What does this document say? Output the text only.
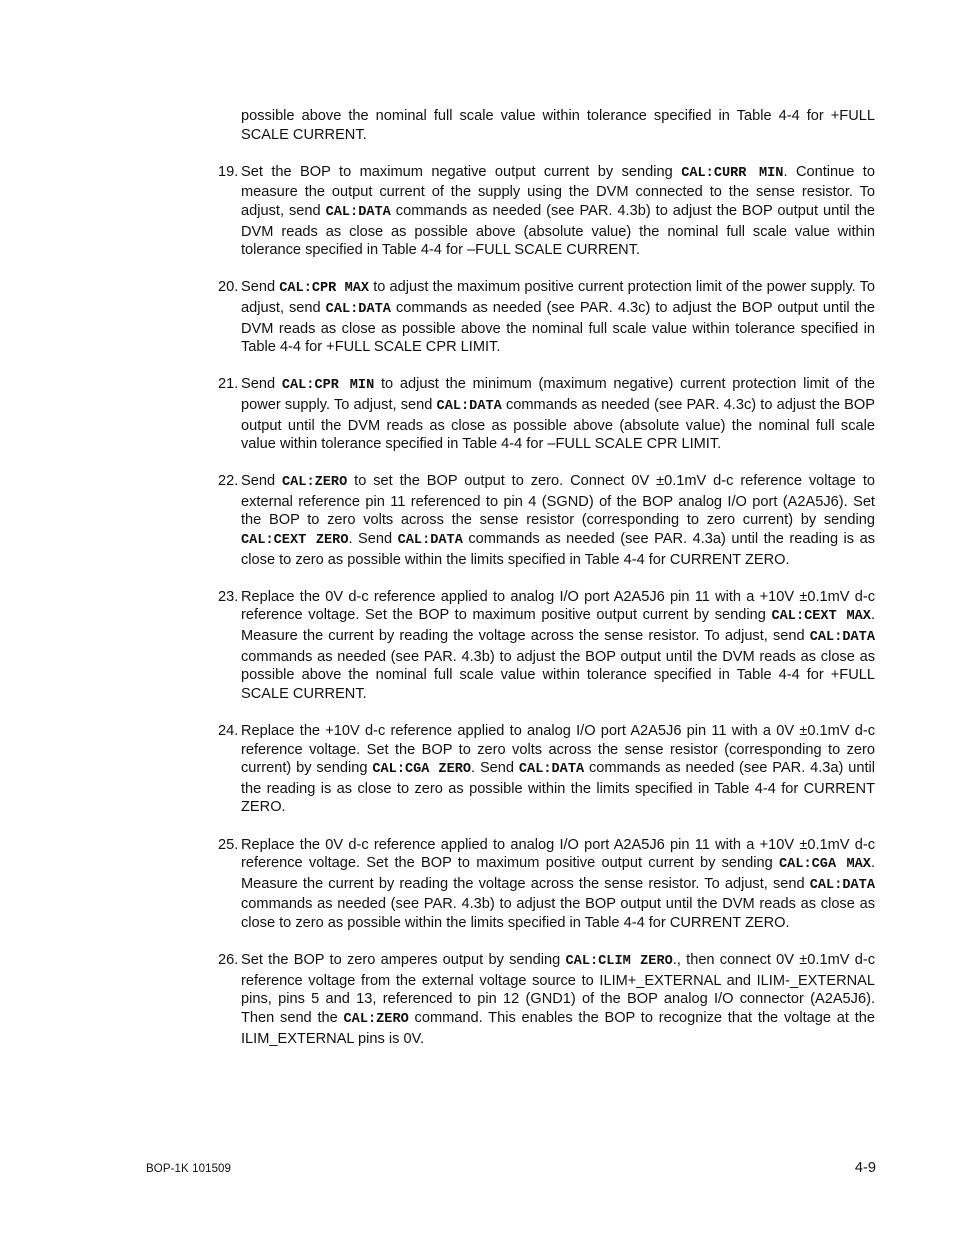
possible above the nominal full scale value within tolerance specified in Table 4-4 for +FULL SCALE CURRENT.

19. Set the BOP to maximum negative output current by sending CAL:CURR MIN. Continue to measure the output current of the supply using the DVM connected to the sense resistor. To adjust, send CAL:DATA commands as needed (see PAR. 4.3b) to adjust the BOP output until the DVM reads as close as possible above (absolute value) the nominal full scale value within tolerance specified in Table 4-4 for –FULL SCALE CURRENT.
20. Send CAL:CPR MAX to adjust the maximum positive current protection limit of the power supply. To adjust, send CAL:DATA commands as needed (see PAR. 4.3c) to adjust the BOP output until the DVM reads as close as possible above the nominal full scale value within tolerance specified in Table 4-4 for +FULL SCALE CPR LIMIT.
21. Send CAL:CPR MIN to adjust the minimum (maximum negative) current protection limit of the power supply. To adjust, send CAL:DATA commands as needed (see PAR. 4.3c) to adjust the BOP output until the DVM reads as close as possible above (absolute value) the nominal full scale value within tolerance specified in Table 4-4 for –FULL SCALE CPR LIMIT.
22. Send CAL:ZERO to set the BOP output to zero. Connect 0V ±0.1mV d-c reference voltage to external reference pin 11 referenced to pin 4 (SGND) of the BOP analog I/O port (A2A5J6). Set the BOP to zero volts across the sense resistor (corresponding to zero current) by sending CAL:CEXT ZERO. Send CAL:DATA commands as needed (see PAR. 4.3a) until the reading is as close to zero as possible within the limits specified in Table 4-4 for CURRENT ZERO.
23. Replace the 0V d-c reference applied to analog I/O port A2A5J6 pin 11 with a +10V ±0.1mV d-c reference voltage. Set the BOP to maximum positive output current by sending CAL:CEXT MAX. Measure the current by reading the voltage across the sense resistor. To adjust, send CAL:DATA commands as needed (see PAR. 4.3b) to adjust the BOP output until the DVM reads as close as possible above the nominal full scale value within tolerance specified in Table 4-4 for +FULL SCALE CURRENT.
24. Replace the +10V d-c reference applied to analog I/O port A2A5J6 pin 11 with a 0V ±0.1mV d-c reference voltage. Set the BOP to zero volts across the sense resistor (corresponding to zero current) by sending CAL:CGA ZERO. Send CAL:DATA commands as needed (see PAR. 4.3a) until the reading is as close to zero as possible within the limits specified in Table 4-4 for CURRENT ZERO.
25. Replace the 0V d-c reference applied to analog I/O port A2A5J6 pin 11 with a +10V ±0.1mV d-c reference voltage. Set the BOP to maximum positive output current by sending CAL:CGA MAX. Measure the current by reading the voltage across the sense resistor. To adjust, send CAL:DATA commands as needed (see PAR. 4.3b) to adjust the BOP output until the DVM reads as close as close to zero as possible within the limits specified in Table 4-4 for CURRENT ZERO.
26. Set the BOP to zero amperes output by sending CAL:CLIM ZERO., then connect 0V ±0.1mV d-c reference voltage from the external voltage source to ILIM+_EXTERNAL and ILIM-_EXTERNAL pins, pins 5 and 13, referenced to pin 12 (GND1) of the BOP analog I/O connector (A2A5J6). Then send the CAL:ZERO command. This enables the BOP to recognize that the voltage at the ILIM_EXTERNAL pins is 0V.
BOP-1K 101509	4-9
